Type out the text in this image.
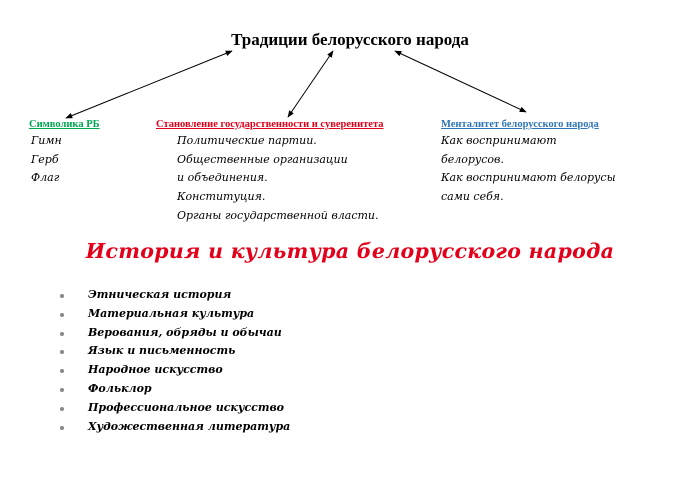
Традиции белорусского народа
Символика РБ	Становление государственности и суверенитета	Менталитет белорусского народа
Гимн
Герб
Флаг
Политические партии.
Общественные организации
и объединения.
Конституция.
Органы государственной власти.
Как воспринимают
белорусов.
Как воспринимают белорусы
сами себя.
История и культура белорусского народа
Этническая история
Материальная культура
Верования, обряды и обычаи
Язык и письменность
Народное искусство
Фольклор
Профессиональное искусство
Художественная литература
